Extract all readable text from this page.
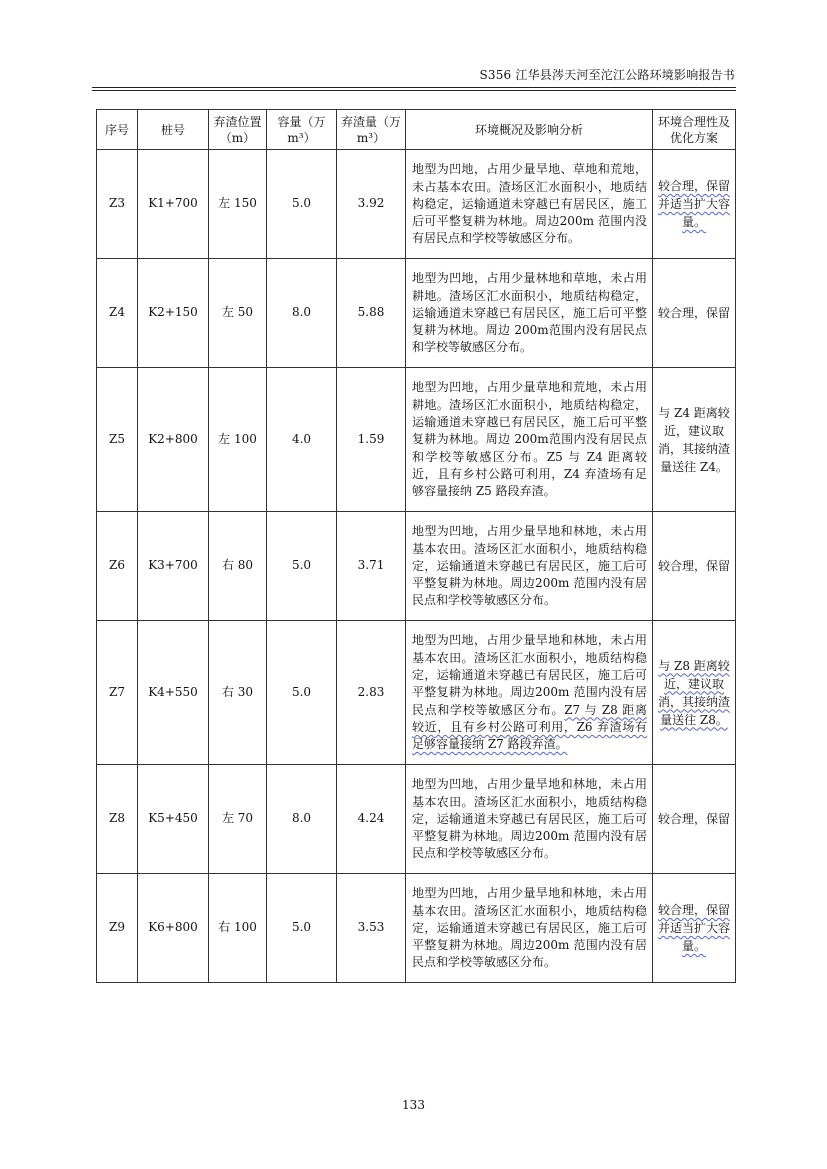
S356 江华县涔天河至沱江公路环境影响报告书
序号	桩号	弃渣位置（m）	容量（万 m³）	弃渣量（万 m³）	环境概况及影响分析	环境合理性及优化方案
Z3	K1+700	左 150	5.0	3.92	地型为凹地，占用少量旱地、草地和荒地，未占基本农田。渣场区汇水面积小，地质结构稳定，运输通道未穿越已有居民区，施工后可平整复耕为林地。周边200m 范围内没有居民点和学校等敏感区分布。	较合理，保留并适当扩大容量。
Z4	K2+150	左 50	8.0	5.88	地型为凹地，占用少量林地和草地，未占用耕地。渣场区汇水面积小，地质结构稳定，运输通道未穿越已有居民区，施工后可平整复耕为林地。周边 200m范围内没有居民点和学校等敏感区分布。	较合理，保留
Z5	K2+800	左 100	4.0	1.59	地型为凹地，占用少量草地和荒地，未占用耕地。渣场区汇水面积小，地质结构稳定，运输通道未穿越已有居民区，施工后可平整复耕为林地。周边 200m范围内没有居民点和学校等敏感区分布。Z5 与 Z4 距离较近，且有乡村公路可利用，Z4 弃渣场有足够容量接纳 Z5 路段弃渣。	与 Z4 距离较近，建议取消，其接纳渣量送往 Z4。
Z6	K3+700	右 80	5.0	3.71	地型为凹地，占用少量旱地和林地，未占用基本农田。渣场区汇水面积小，地质结构稳定，运输通道未穿越已有居民区，施工后可平整复耕为林地。周边200m 范围内没有居民点和学校等敏感区分布。	较合理，保留
Z7	K4+550	右 30	5.0	2.83	地型为凹地，占用少量旱地和林地，未占用基本农田。渣场区汇水面积小，地质结构稳定，运输通道未穿越已有居民区，施工后可平整复耕为林地。周边200m 范围内没有居民点和学校等敏感区分布。Z7 与 Z8 距离较近，且有乡村公路可利用，Z6 弃渣场有足够容量接纳 Z7 路段弃渣。	与 Z8 距离较近，建议取消，其接纳渣量送往 Z8。
Z8	K5+450	左 70	8.0	4.24	地型为凹地，占用少量旱地和林地，未占用基本农田。渣场区汇水面积小，地质结构稳定，运输通道未穿越已有居民区，施工后可平整复耕为林地。周边200m 范围内没有居民点和学校等敏感区分布。	较合理，保留
Z9	K6+800	右 100	5.0	3.53	地型为凹地，占用少量旱地和林地，未占用基本农田。渣场区汇水面积小，地质结构稳定，运输通道未穿越已有居民区，施工后可平整复耕为林地。周边200m 范围内没有居民点和学校等敏感区分布。	较合理，保留并适当扩大容量。
133
